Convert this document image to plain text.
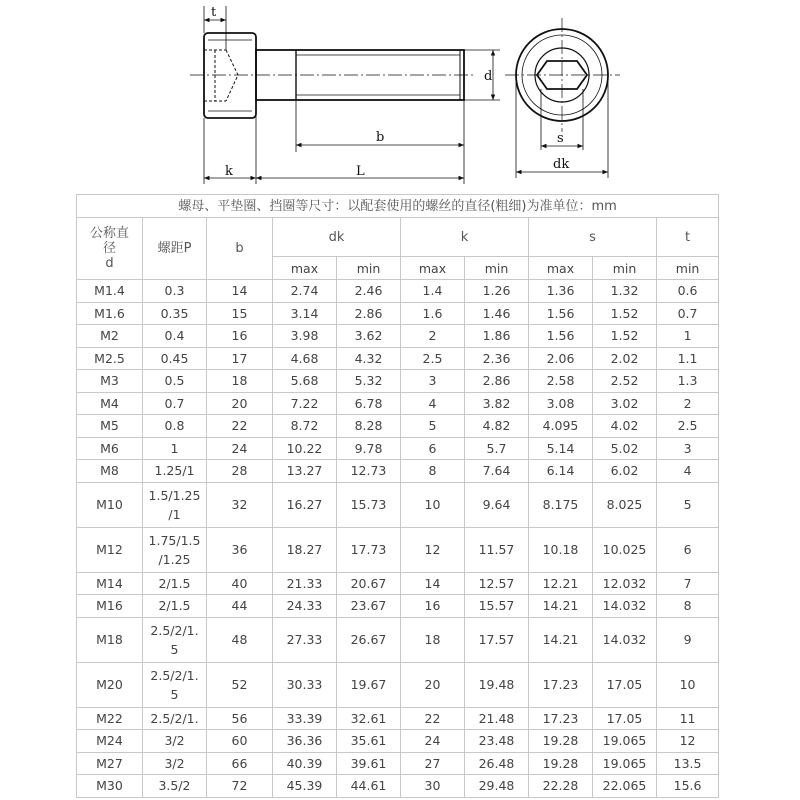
t
d
b
k	L
s
dk
螺母、平垫圈、挡圈等尺寸：以配套使用的螺丝的直径(粗细)为准单位：mm									

公称直
径
d	螺距P	b	dk		k		s		t
			max	min	max	min	max	min	min
M1.4	0.3	14	2.74	2.46	1.4	1.26	1.36	1.32	0.6
M1.6	0.35	15	3.14	2.86	1.6	1.46	1.56	1.52	0.7
M2	0.4	16	3.98	3.62	2	1.86	1.56	1.52	1
M2.5	0.45	17	4.68	4.32	2.5	2.36	2.06	2.02	1.1
M3	0.5	18	5.68	5.32	3	2.86	2.58	2.52	1.3
M4	0.7	20	7.22	6.78	4	3.82	3.08	3.02	2
M5	0.8	22	8.72	8.28	5	4.82	4.095	4.02	2.5
M6	1	24	10.22	9.78	6	5.7	5.14	5.02	3
M8	1.25/1	28	13.27	12.73	8	7.64	6.14	6.02	4
M10	1.5/1.25
/1	32	16.27	15.73	10	9.64	8.175	8.025	5
M12	1.75/1.5
/1.25	36	18.27	17.73	12	11.57	10.18	10.025	6
M14	2/1.5	40	21.33	20.67	14	12.57	12.21	12.032	7
M16	2/1.5	44	24.33	23.67	16	15.57	14.21	14.032	8
M18	2.5/2/1.
5	48	27.33	26.67	18	17.57	14.21	14.032	9
M20	2.5/2/1.
5	52	30.33	19.67	20	19.48	17.23	17.05	10
M22	2.5/2/1.	56	33.39	32.61	22	21.48	17.23	17.05	11
M24	3/2	60	36.36	35.61	24	23.48	19.28	19.065	12
M27	3/2	66	40.39	39.61	27	26.48	19.28	19.065	13.5
M30	3.5/2	72	45.39	44.61	30	29.48	22.28	22.065	15.6
